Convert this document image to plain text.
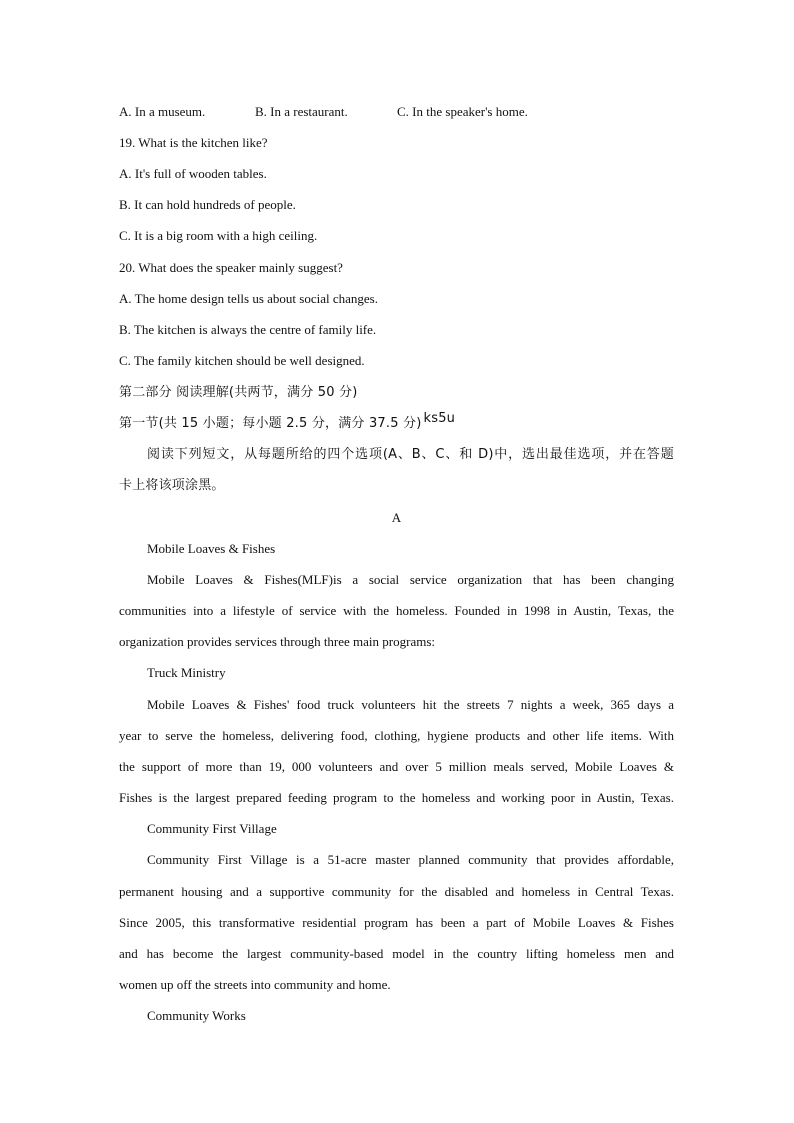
A. In a museum.	B. In a restaurant.	C. In the speaker's home.
19. What is the kitchen like?
A. It's full of wooden tables.
B. It can hold hundreds of people.
C. It is a big room with a high ceiling.
20. What does the speaker mainly suggest?
A. The home design tells us about social changes.
B. The kitchen is always the centre of family life.
C. The family kitchen should be well designed.
第二部分 阅读理解(共两节，满分 50 分)
第一节(共 15 小题；每小题 2.5 分，满分 37.5 分) ks5u
阅读下列短文，从每题所给的四个选项(A、B、C、和 D)中，选出最佳选项，并在答题
卡上将该项涂黑。
A
Mobile Loaves & Fishes
Mobile Loaves & Fishes(MLF)is a social service organization that has been changing
communities into a lifestyle of service with the homeless. Founded in 1998 in Austin, Texas, the
organization provides services through three main programs:
Truck Ministry
Mobile Loaves & Fishes' food truck volunteers hit the streets 7 nights a week, 365 days a
year to serve the homeless, delivering food, clothing, hygiene products and other life items. With
the support of more than 19, 000 volunteers and over 5 million meals served, Mobile Loaves &
Fishes is the largest prepared feeding program to the homeless and working poor in Austin, Texas.
Community First Village
Community First Village is a 51-acre master planned community that provides affordable,
permanent housing and a supportive community for the disabled and homeless in Central Texas.
Since 2005, this transformative residential program has been a part of Mobile Loaves & Fishes
and has become the largest community-based model in the country lifting homeless men and
women up off the streets into community and home.
Community Works
